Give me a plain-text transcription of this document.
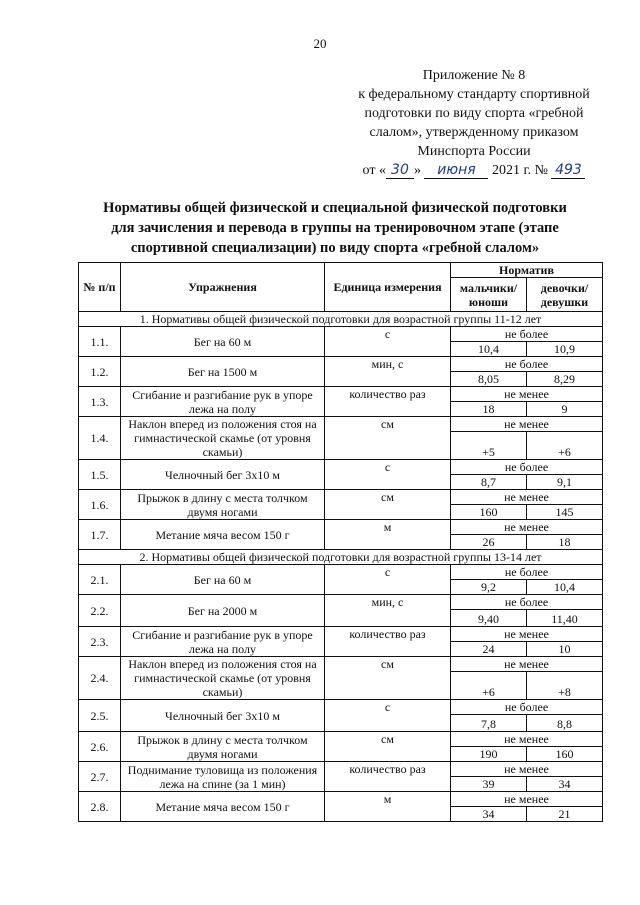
20
Приложение № 8
к федеральному стандарту спортивной
подготовки по виду спорта «гребной
слалом», утвержденному приказом
Минспорта России
от « 30 » июня 2021 г. № 493
Нормативы общей физической и специальной физической подготовки
для зачисления и перевода в группы на тренировочном этапе (этапе
спортивной специализации) по виду спорта «гребной слалом»
№ п/п	Упражнения	Единица измерения	Норматив	
			мальчики/ юноши	девочки/ девушки
1. Нормативы общей физической подготовки для возрастной группы 11-12 лет				
1.1.	Бег на 60 м	с	не более	
			10,4	10,9
1.2.	Бег на 1500 м	мин, с	не более	
			8,05	8,29
1.3.	Сгибание и разгибание рук в упоре лежа на полу	количество раз	не менее	
			18	9
1.4.	Наклон вперед из положения стоя на гимнастической скамье (от уровня скамьи)	см	не менее	
			+5	+6
1.5.	Челночный бег 3х10 м	с	не более	
			8,7	9,1
1.6.	Прыжок в длину с места толчком двумя ногами	см	не менее	
			160	145
1.7.	Метание мяча весом 150 г	м	не менее	
			26	18
2. Нормативы общей физической подготовки для возрастной группы 13-14 лет				
2.1.	Бег на 60 м	с	не более	
			9,2	10,4
2.2.	Бег на 2000 м	мин, с	не более	
			9,40	11,40
2.3.	Сгибание и разгибание рук в упоре лежа на полу	количество раз	не менее	
			24	10
2.4.	Наклон вперед из положения стоя на гимнастической скамье (от уровня скамьи)	см	не менее	
			+6	+8
2.5.	Челночный бег 3х10 м	с	не более	
			7,8	8,8
2.6.	Прыжок в длину с места толчком двумя ногами	см	не менее	
			190	160
2.7.	Поднимание туловища из положения лежа на спине (за 1 мин)	количество раз	не менее	
			39	34
2.8.	Метание мяча весом 150 г	м	не менее	
			34	21
